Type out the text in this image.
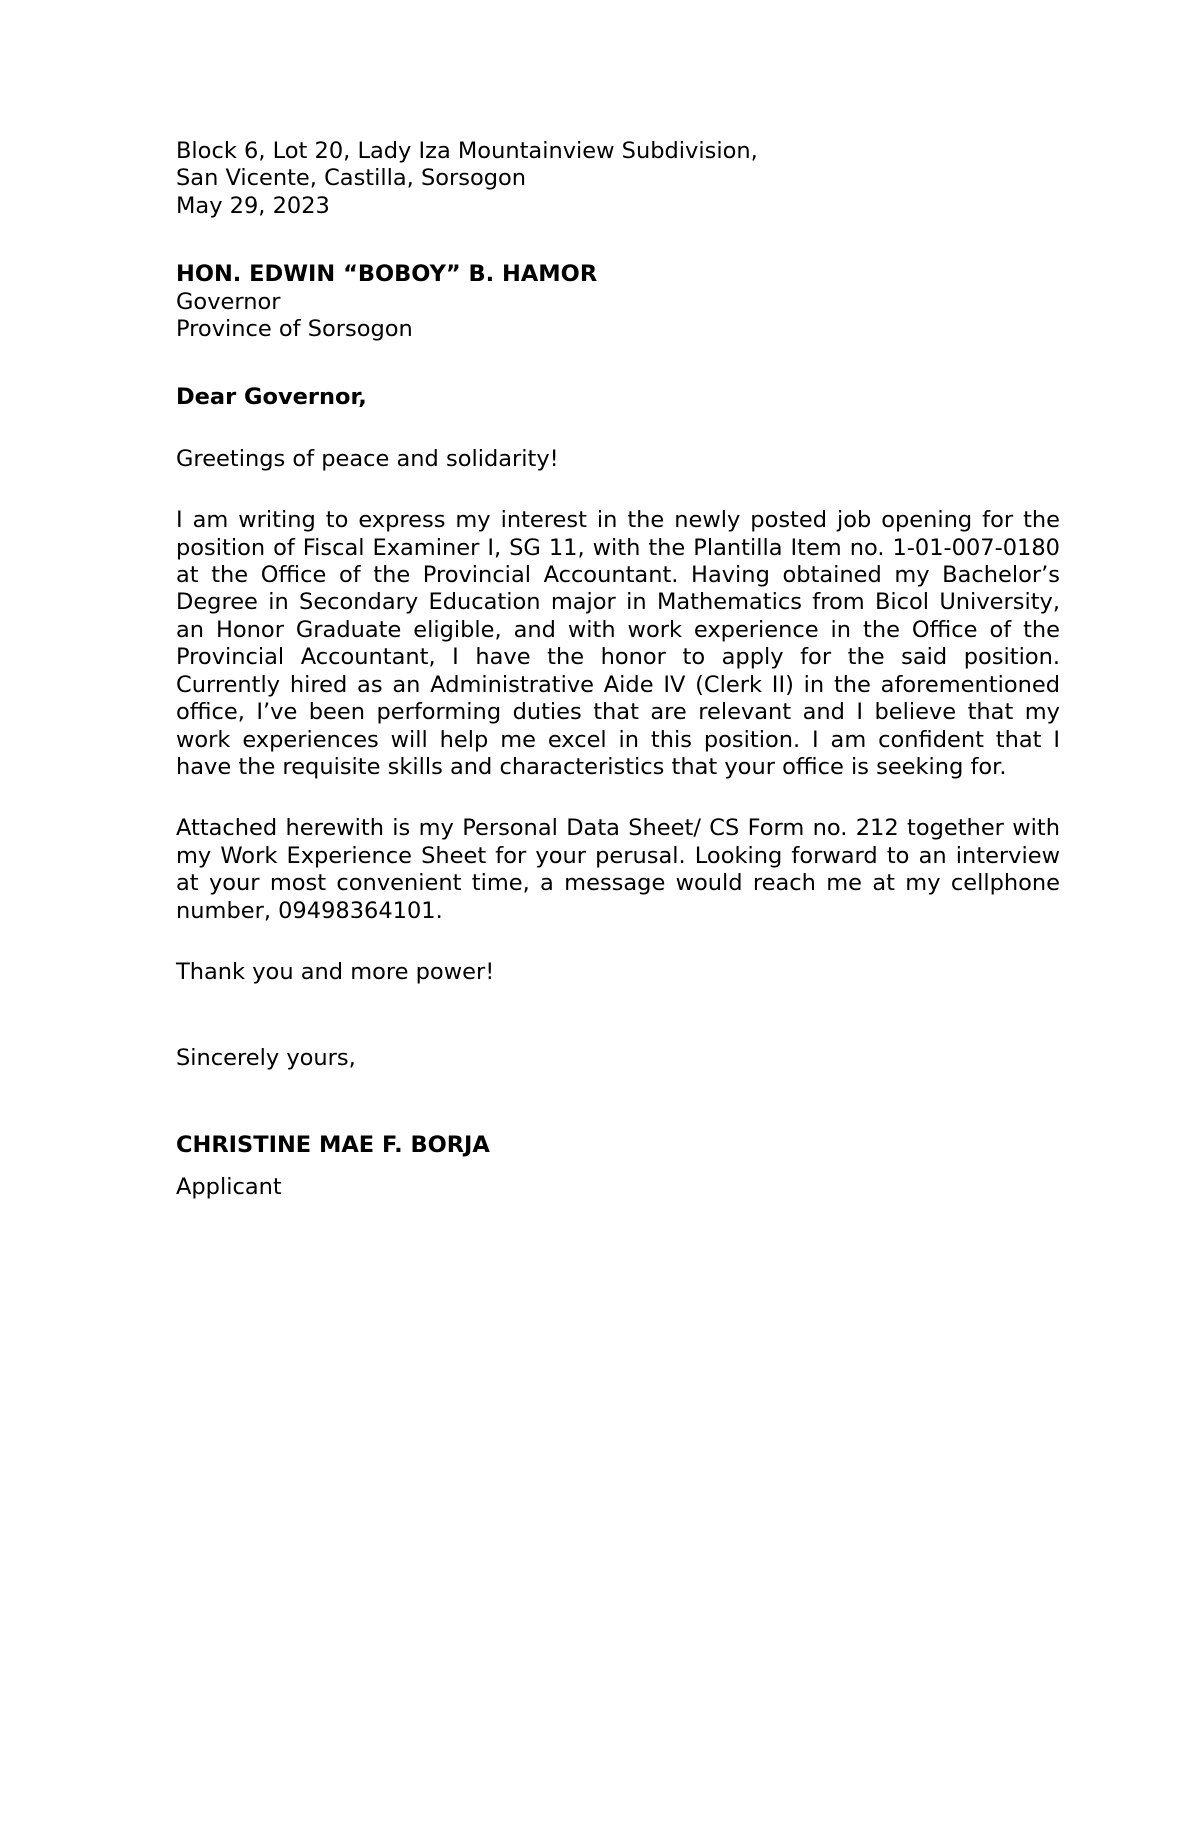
Block 6, Lot 20, Lady Iza Mountainview Subdivision,
San Vicente, Castilla, Sorsogon
May 29, 2023
HON. EDWIN “BOBOY” B. HAMOR
Governor
Province of Sorsogon
Dear Governor,
Greetings of peace and solidarity!

I am writing to express my interest in the newly posted job opening for the position of Fiscal Examiner I, SG 11, with the Plantilla Item no. 1-01-007-0180 at the Office of the Provincial Accountant. Having obtained my Bachelor’s Degree in Secondary Education major in Mathematics from Bicol University, an Honor Graduate eligible, and with work experience in the Office of the Provincial Accountant, I have the honor to apply for the said position. Currently hired as an Administrative Aide IV (Clerk II) in the aforementioned office, I’ve been performing duties that are relevant and I believe that my work experiences will help me excel in this position. I am confident that I have the requisite skills and characteristics that your office is seeking for.

Attached herewith is my Personal Data Sheet/ CS Form no. 212 together with my Work Experience Sheet for your perusal. Looking forward to an interview at your most convenient time, a message would reach me at my cellphone number, 09498364101.

Thank you and more power!
Sincerely yours,
CHRISTINE MAE F. BORJA
Applicant
